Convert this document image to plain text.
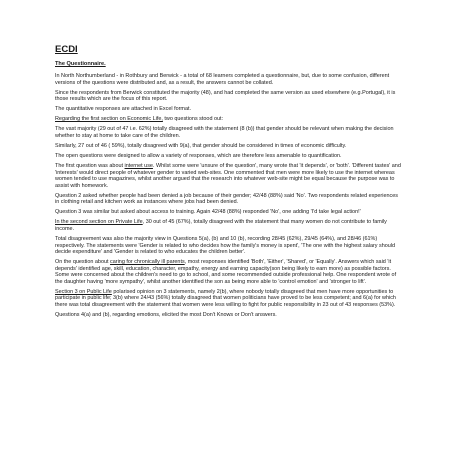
ECDI
The Questionnaire.

In North Northumberland - in Rothbury and Berwick - a total of 68 learners completed a questionnaire, but, due to some confusion, different versions of the questions were distributed and, as a result, the answers cannot be collated.

Since the respondents from Berwick constituted the majority (48), and had completed the same version as used elsewhere (e.g.Portugal), it is those results which are the focus of this report.

The quantitative responses are attached in Excel format.

Regarding the first section on Economic Life, two questions stood out:

The vast majority (29 out of 47 i.e. 62%) totally disagreed with the statement (8 (b)) that gender should be relevant when making the decision whether to stay at home to take care of the children.

Similarly, 27 out of 46 ( 59%), totally disagreed with 9(a), that gender should be considered in times of economic difficulty.

The open questions were designed to allow a variety of responses, which are therefore less amenable to quantification.

The first question was about internet use. Whilst some were 'unsure of the question', many wrote that 'it depends', or 'both'. 'Different tastes' and 'interests' would direct people of whatever gender to varied web-sites. One commented that men were more likely to use the internet whereas women tended to use magazines, whilst another argued that the research into whatever web-site might be equal because the purpose was to assist with homework.

Question 2 asked whether people had been denied a job because of their gender; 42/48 (88%) said 'No'. Two respondents related experiences in clothing retail and kitchen work as instances where jobs had been denied.

Question 3 was similar but asked about access to training. Again 42/48 (88%) responded 'No', one adding 'I'd take legal action!'

In the second section on Private Life, 30 out of 45 (67%), totally disagreed with the statement that many women do not contribute to family income.

Total disagreement was also the majority view in Questions 5(a), (b) and 10 (b), recording 28/45 (62%), 29/45 (64%), and 28/46 (61%) respectively. The statements were 'Gender is related to who decides how the family's money is spent', 'The one with the highest salary should decide expenditure' and 'Gender is related to who educates the children better'.

On the question about caring for chronically ill parents, most responses identified 'Both', 'Either', 'Shared', or 'Equally'. Answers which said 'it depends' identified age, skill, education, character, empathy, energy and earning capacity(son being likely to earn more) as possible factors. Some were concerned about the children's need to go to school, and some recommended outside professional help. One respondent wrote of the daughter having 'more sympathy', whilst another identified the son as being more able to 'control emotion' and 'stronger to lift'.

Section 3 on Public Life polarised opinion on 3 statements, namely 2(b), where nobody totally disagreed that men have more opportunities to participate in public life; 3(b) where 24/43 (56%) totally disagreed that women politicians have proved to be less competent; and 6(a) for which there was total disagreement with the statement that women were less willing to fight for public responsibility in 23 out of 43 responses (53%).

Questions 4(a) and (b), regarding emotions, elicited the most Don't Knows or Don't answers.
